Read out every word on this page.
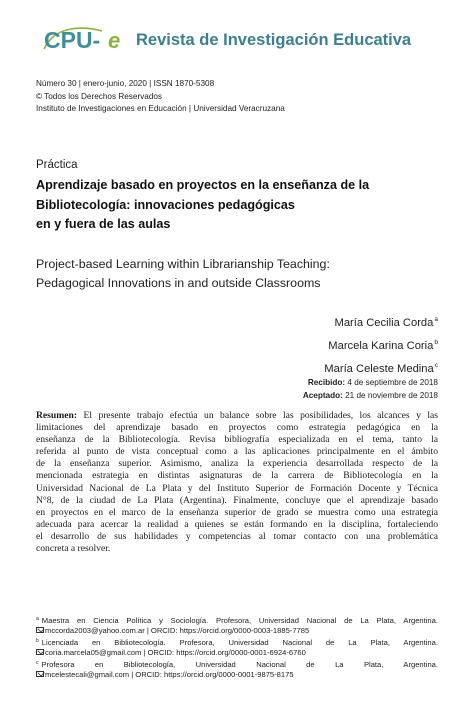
CPU- e Revista de Investigación Educativa
Número 30 | enero-junio, 2020 | ISSN 1870-5308
© Todos los Derechos Reservados
Instituto de Investigaciones en Educación | Universidad Veracruzana
Práctica
Aprendizaje basado en proyectos en la enseñanza de la
Bibliotecología: innovaciones pedagógicas
en y fuera de las aulas
Project-based Learning within Librarianship Teaching:
Pedagogical Innovations in and outside Classrooms
María Cecilia Corda$^a$
Marcela Karina Coria$^b$
María Celeste Medina$^c$
Recibido: 4 de septiembre de 2018
Aceptado: 21 de noviembre de 2018
Resumen: El presente trabajo efectúa un balance sobre las posibilidades, los alcances y las
limitaciones del aprendizaje basado en proyectos como estrategia pedagógica en la
enseñanza de la Bibliotecología. Revisa bibliografía especializada en el tema, tanto la
referida al punto de vista conceptual como a las aplicaciones principalmente en el ámbito
de la enseñanza superior. Asimismo, analiza la experiencia desarrollada respecto de la
mencionada estrategia en distintas asignaturas de la carrera de Bibliotecología en la
Universidad Nacional de La Plata y del Instituto Superior de Formación Docente y Técnica
N°8, de la ciudad de La Plata (Argentina). Finalmente, concluye que el aprendizaje basado
en proyectos en el marco de la enseñanza superior de grado se muestra como una estrategia
adecuada para acercar la realidad a quienes se están formando en la disciplina, fortaleciendo
el desarrollo de sus habilidades y competencias al tomar contacto con una problemática
concreta a resolver.
$^a$ Maestra en Ciencia Política y Sociología. Profesora, Universidad Nacional de La Plata, Argentina.
mccorda2003@yahoo.com.ar | ORCID: https://orcid.org/0000-0003-1885-7785
$^b$ Licenciada en Bibliotecología. Profesora, Universidad Nacional de La Plata, Argentina.
coria.marcela05@gmail.com | ORCID: https://orcid.org/0000-0001-6924-6760
$^c$ Profesora en Bibliotecología, Universidad Nacional de La Plata, Argentina.
mcelestecali@gmail.com | ORCID: https://orcid.org/0000-0001-9875-8175
